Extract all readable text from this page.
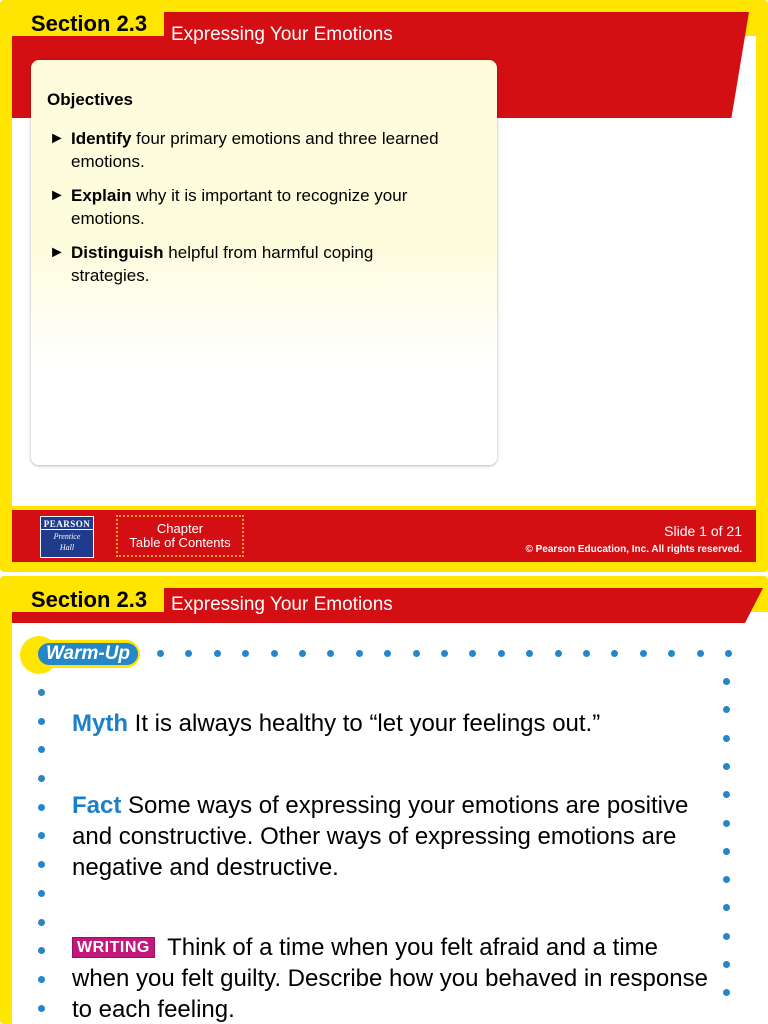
Section 2.3	Expressing Your Emotions
Objectives
► Identify four primary emotions and three learned emotions.
► Explain why it is important to recognize your emotions.
► Distinguish helpful from harmful coping strategies.
PEARSON
Prentice
Hall
Chapter
Table of Contents
Slide 1 of 21
© Pearson Education, Inc. All rights reserved.
Section 2.3	Expressing Your Emotions
Warm-Up
Myth It is always healthy to “let your feelings out.”
Fact Some ways of expressing your emotions are positive and constructive. Other ways of expressing emotions are negative and destructive.
WRITING Think of a time when you felt afraid and a time when you felt guilty. Describe how you behaved in response to each feeling.
